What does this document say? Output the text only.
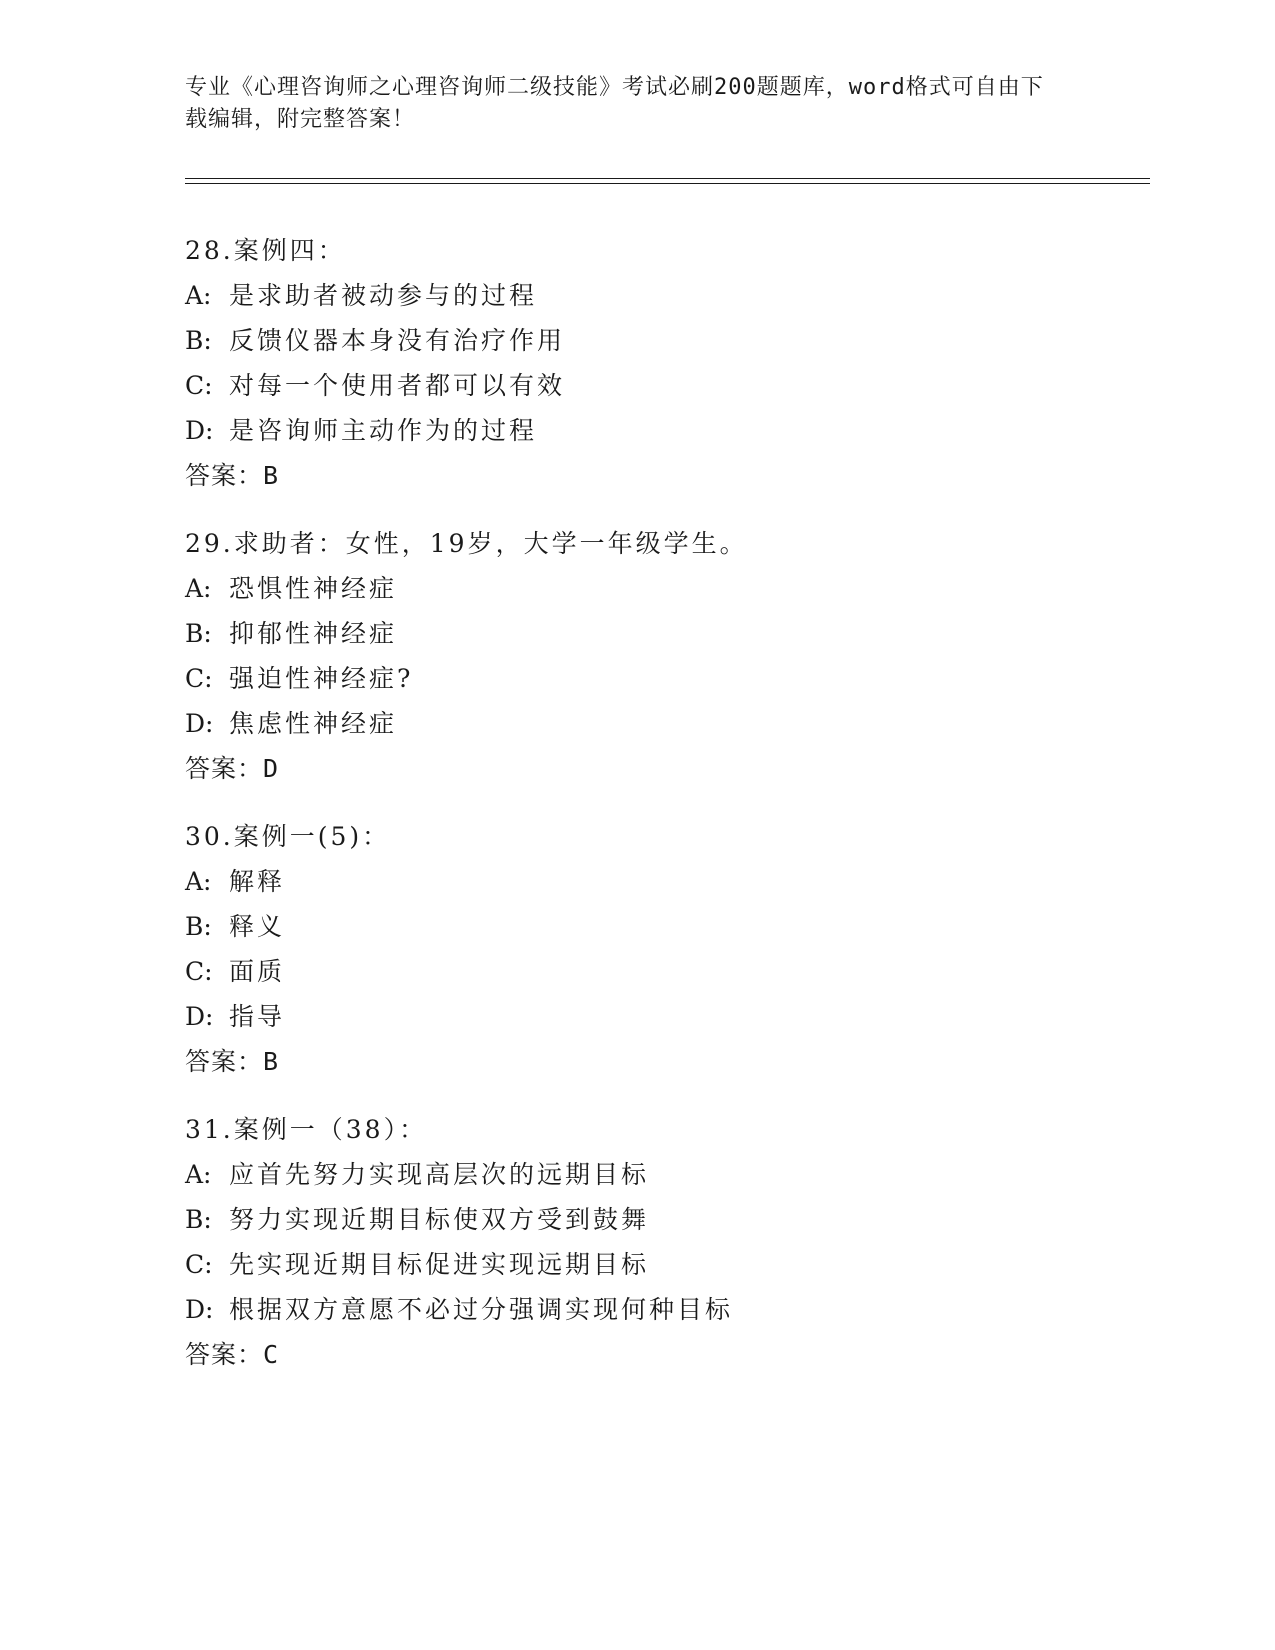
专业《心理咨询师之心理咨询师二级技能》考试必刷200题题库，word格式可自由下载编辑，附完整答案！
28.案例四：
A: 是求助者被动参与的过程
B: 反馈仪器本身没有治疗作用
C: 对每一个使用者都可以有效
D: 是咨询师主动作为的过程
答案：B
29.求助者：女性，19岁，大学一年级学生。
A: 恐惧性神经症
B: 抑郁性神经症
C: 强迫性神经症?
D: 焦虑性神经症
答案：D
30.案例一(5)：
A: 解释
B: 释义
C: 面质
D: 指导
答案：B
31.案例一（38）：
A: 应首先努力实现高层次的远期目标
B: 努力实现近期目标使双方受到鼓舞
C: 先实现近期目标促进实现远期目标
D: 根据双方意愿不必过分强调实现何种目标
答案：C
